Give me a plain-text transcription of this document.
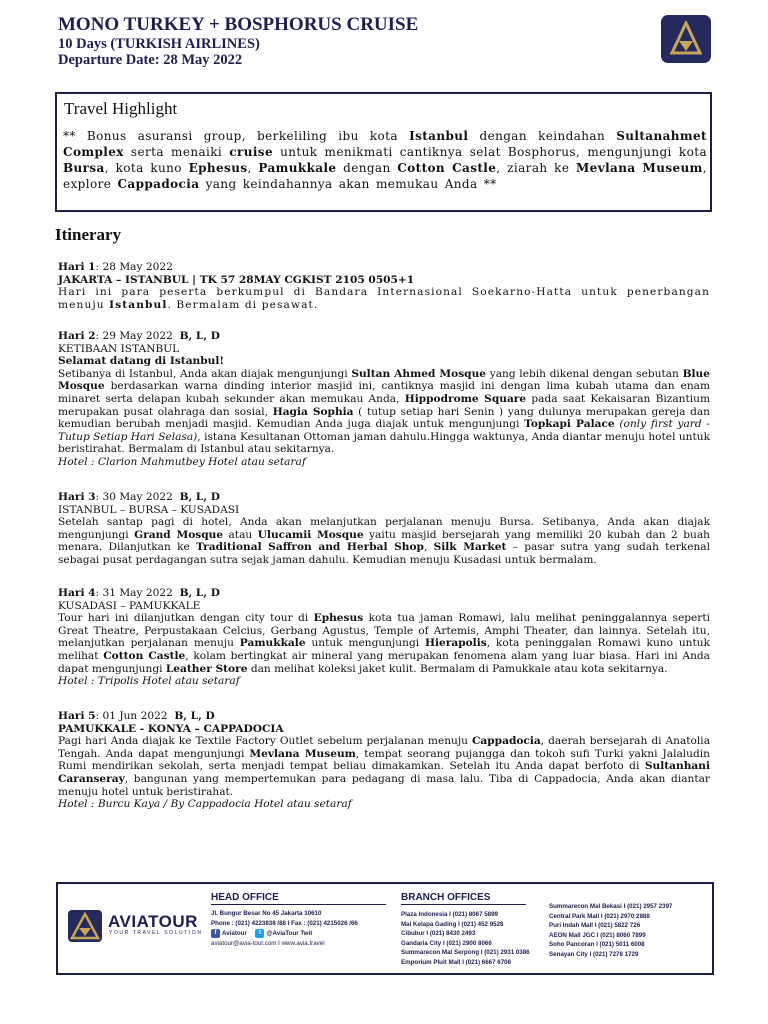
MONO TURKEY + BOSPHORUS CRUISE
10 Days (TURKISH AIRLINES)
Departure Date: 28 May 2022
Travel Highlight
** Bonus asuransi group, berkeliling ibu kota Istanbul dengan keindahan Sultanahmet Complex serta menaiki cruise untuk menikmati cantiknya selat Bosphorus, mengunjungi kota Bursa, kota kuno Ephesus, Pamukkale dengan Cotton Castle, ziarah ke Mevlana Museum, explore Cappadocia yang keindahannya akan memukau Anda **
Itinerary

Hari 1: 28 May 2022

JAKARTA – ISTANBUL | TK 57 28MAY CGKIST 2105 0505+1

Hari ini para peserta berkumpul di Bandara Internasional Soekarno-Hatta untuk penerbangan menuju Istanbul. Bermalam di pesawat.

Hari 2: 29 May 2022 B, L, D

KETIBAAN ISTANBUL

Selamat datang di Istanbul!

Setibanya di Istanbul, Anda akan diajak mengunjungi Sultan Ahmed Mosque yang lebih dikenal dengan sebutan Blue Mosque berdasarkan warna dinding interior masjid ini, cantiknya masjid ini dengan lima kubah utama dan enam minaret serta delapan kubah sekunder akan memukau Anda, Hippodrome Square pada saat Kekaisaran Bizantium merupakan pusat olahraga dan sosial, Hagia Sophia ( tutup setiap hari Senin ) yang dulunya merupakan gereja dan kemudian berubah menjadi masjid. Kemudian Anda juga diajak untuk mengunjungi Topkapi Palace (only first yard - Tutup Setiap Hari Selasa), istana Kesultanan Ottoman jaman dahulu.Hingga waktunya, Anda diantar menuju hotel untuk beristirahat. Bermalam di Istanbul atau sekitarnya.

Hotel : Clarion Mahmutbey Hotel atau setaraf

Hari 3: 30 May 2022 B, L, D

ISTANBUL – BURSA – KUSADASI

Setelah santap pagi di hotel, Anda akan melanjutkan perjalanan menuju Bursa. Setibanya, Anda akan diajak mengunjungi Grand Mosque atau Ulucamii Mosque yaitu masjid bersejarah yang memiliki 20 kubah dan 2 buah menara. Dilanjutkan ke Traditional Saffron and Herbal Shop, Silk Market – pasar sutra yang sudah terkenal sebagai pusat perdagangan sutra sejak jaman dahulu. Kemudian menuju Kusadasi untuk bermalam.

Hari 4: 31 May 2022 B, L, D

KUSADASI – PAMUKKALE

Tour hari ini dilanjutkan dengan city tour di Ephesus kota tua jaman Romawi, lalu melihat peninggalannya seperti Great Theatre, Perpustakaan Celcius, Gerbang Agustus, Temple of Artemis, Amphi Theater, dan lainnya. Setelah itu, melanjutkan perjalanan menuju Pamukkale untuk mengunjungi Hierapolis, kota peninggalan Romawi kuno untuk melihat Cotton Castle, kolam bertingkat air mineral yang merupakan fenomena alam yang luar biasa. Hari ini Anda dapat mengunjungi Leather Store dan melihat koleksi jaket kulit. Bermalam di Pamukkale atau kota sekitarnya.

Hotel : Tripolis Hotel atau setaraf

Hari 5: 01 Jun 2022 B, L, D

PAMUKKALE - KONYA – CAPPADOCIA

Pagi hari Anda diajak ke Textile Factory Outlet sebelum perjalanan menuju Cappadocia, daerah bersejarah di Anatolia Tengah. Anda dapat mengunjungi Mevlana Museum, tempat seorang pujangga dan tokoh sufi Turki yakni Jalaludin Rumi mendirikan sekolah, serta menjadi tempat beliau dimakamkan. Setelah itu Anda dapat berfoto di Sultanhani Caranseray, bangunan yang mempertemukan para pedagang di masa lalu. Tiba di Cappadocia, Anda akan diantar menuju hotel untuk beristirahat.

Hotel : Burcu Kaya / By Cappadocia Hotel atau setaraf

AVIATOUR
YOUR TRAVEL SOLUTION
HEAD OFFICE
Jl. Bungur Besar No 45 Jakarta 10610
Phone : (021) 4223838 /88 I Fax : (021) 4215026 /66
f Aviatour t @AviaTour Twit
aviatour@avia-tour.com I www.avia.travel
BRANCH OFFICES
Plaza Indonesia I (021) 8067 5899
Mal Kelapa Gading I (021) 452 9528
Cibubur I (021) 8430 2493
Gandaria City I (021) 2900 8066
Summarecon Mal Serpong I (021) 2931 0386
Emporium Pluit Mall I (021) 6667 6706
Summarecon Mal Bekasi I (021) 2957 2397
Central Park Mall I (021) 2970 2888
Puri Indah Mall I (021) 5822 726
AEON Mall JGC I (021) 8060 7899
Soho Pancoran I (021) 5011 6008
Senayan City I (021) 7278 1729
